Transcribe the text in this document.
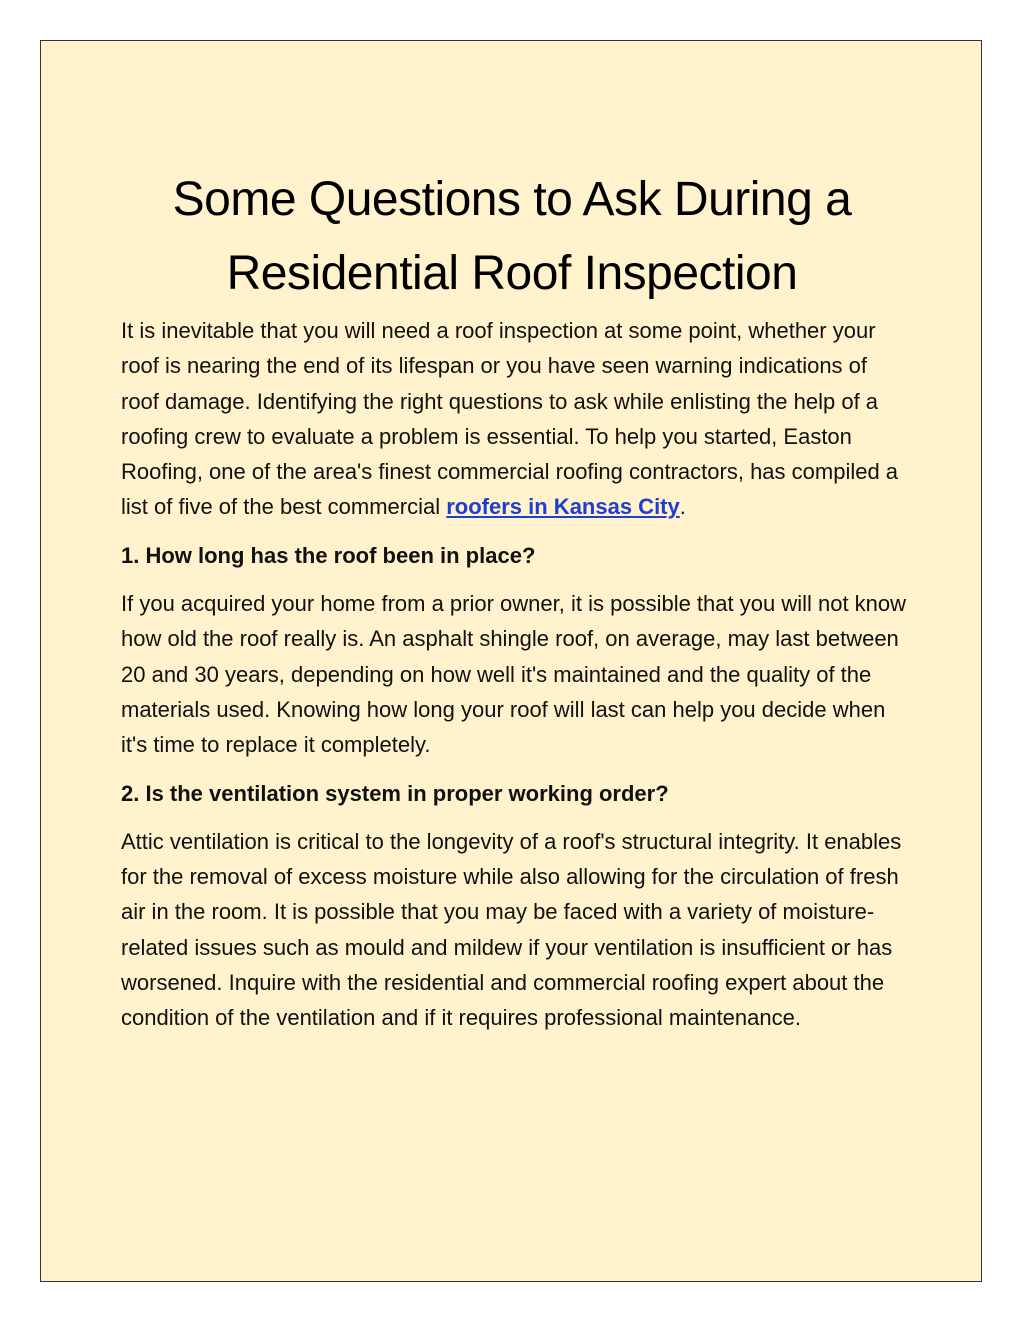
Some Questions to Ask During a
Residential Roof Inspection

It is inevitable that you will need a roof inspection at some point, whether your roof is nearing the end of its lifespan or you have seen warning indications of roof damage. Identifying the right questions to ask while enlisting the help of a roofing crew to evaluate a problem is essential. To help you started, Easton Roofing, one of the area's finest commercial roofing contractors, has compiled a list of five of the best commercial roofers in Kansas City.

1. How long has the roof been in place?

If you acquired your home from a prior owner, it is possible that you will not know how old the roof really is. An asphalt shingle roof, on average, may last between 20 and 30 years, depending on how well it's maintained and the quality of the materials used. Knowing how long your roof will last can help you decide when it's time to replace it completely.

2. Is the ventilation system in proper working order?

Attic ventilation is critical to the longevity of a roof's structural integrity. It enables for the removal of excess moisture while also allowing for the circulation of fresh air in the room. It is possible that you may be faced with a variety of moisture-related issues such as mould and mildew if your ventilation is insufficient or has worsened. Inquire with the residential and commercial roofing expert about the condition of the ventilation and if it requires professional maintenance.
